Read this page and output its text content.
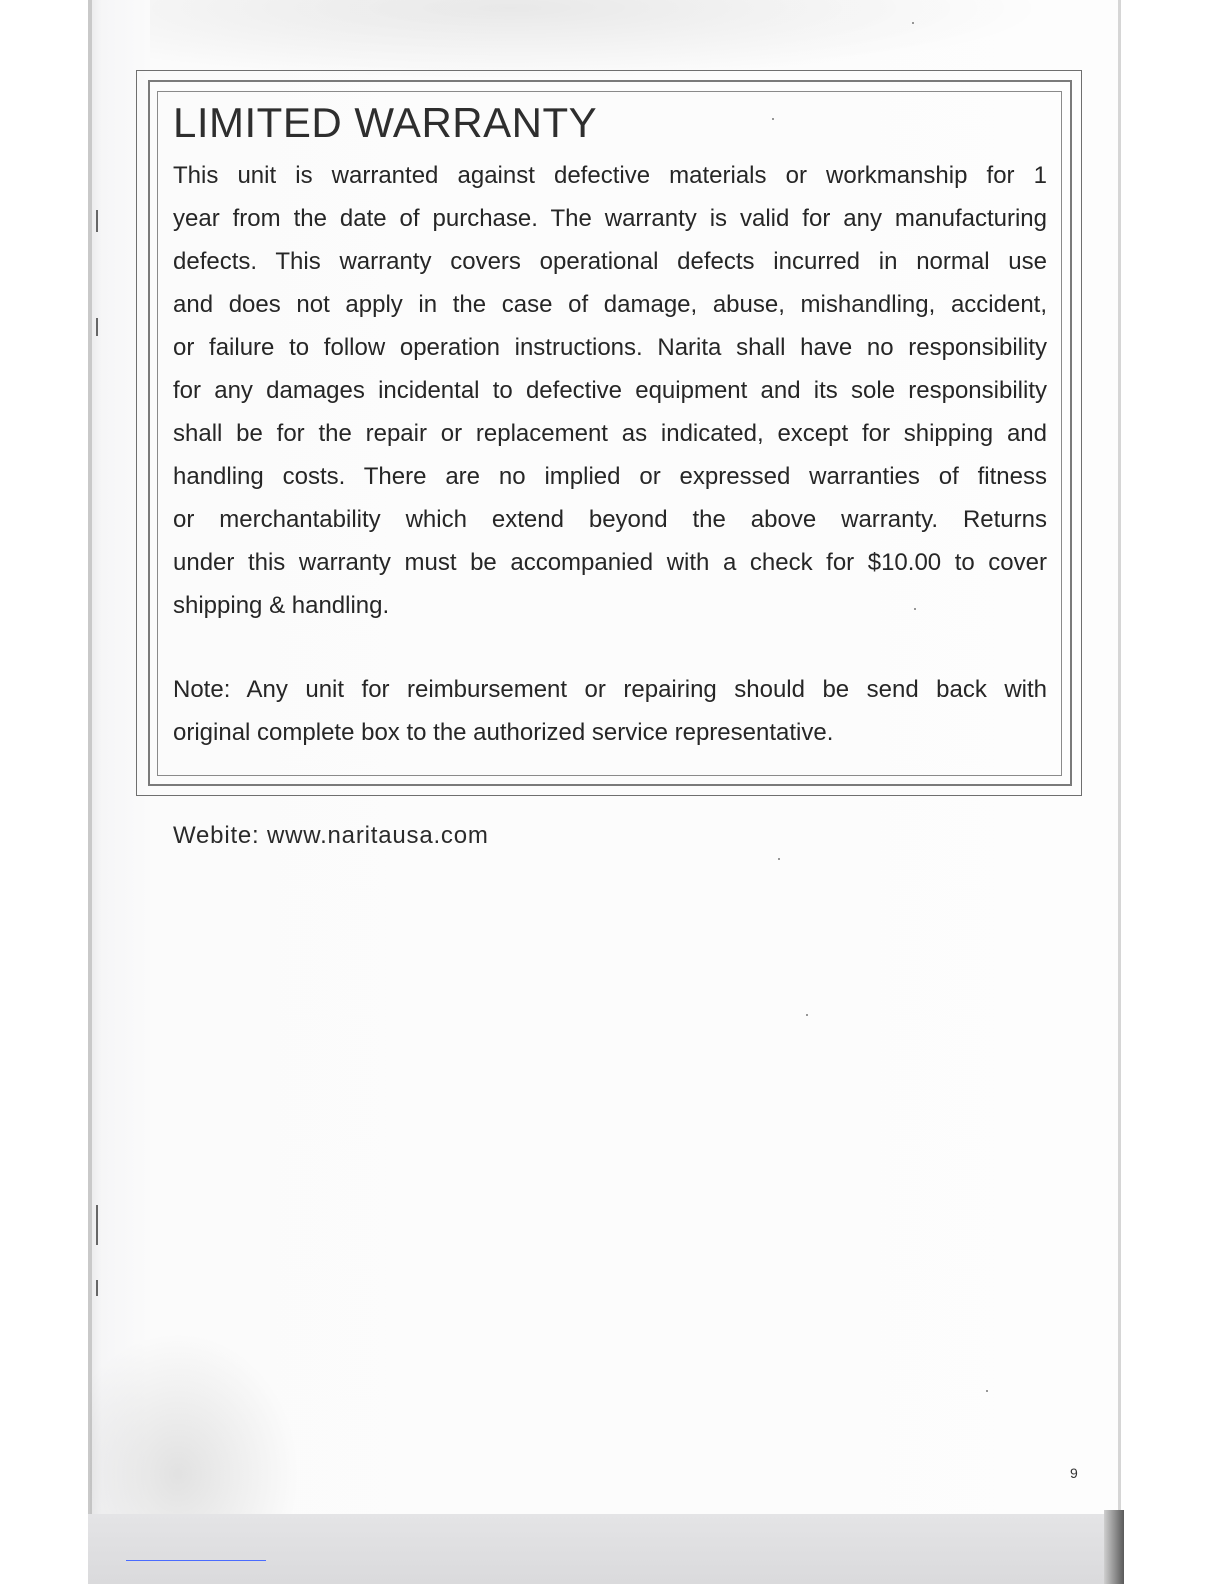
LIMITED WARRANTY
This unit is warranted against defective materials or workmanship for 1
year from the date of purchase. The warranty is valid for any manufacturing
defects. This warranty covers operational defects incurred in normal use
and does not apply in the case of damage, abuse, mishandling, accident,
or failure to follow operation instructions. Narita shall have no responsibility
for any damages incidental to defective equipment and its sole responsibility
shall be for the repair or replacement as indicated, except for shipping and
handling costs. There are no implied or expressed warranties of fitness
or merchantability which extend beyond the above warranty. Returns
under this warranty must be accompanied with a check for $10.00 to cover
shipping & handling.
Note: Any unit for reimbursement or repairing should be send back with
original complete box to the authorized service representative.
Webite: www.naritausa.com
9
